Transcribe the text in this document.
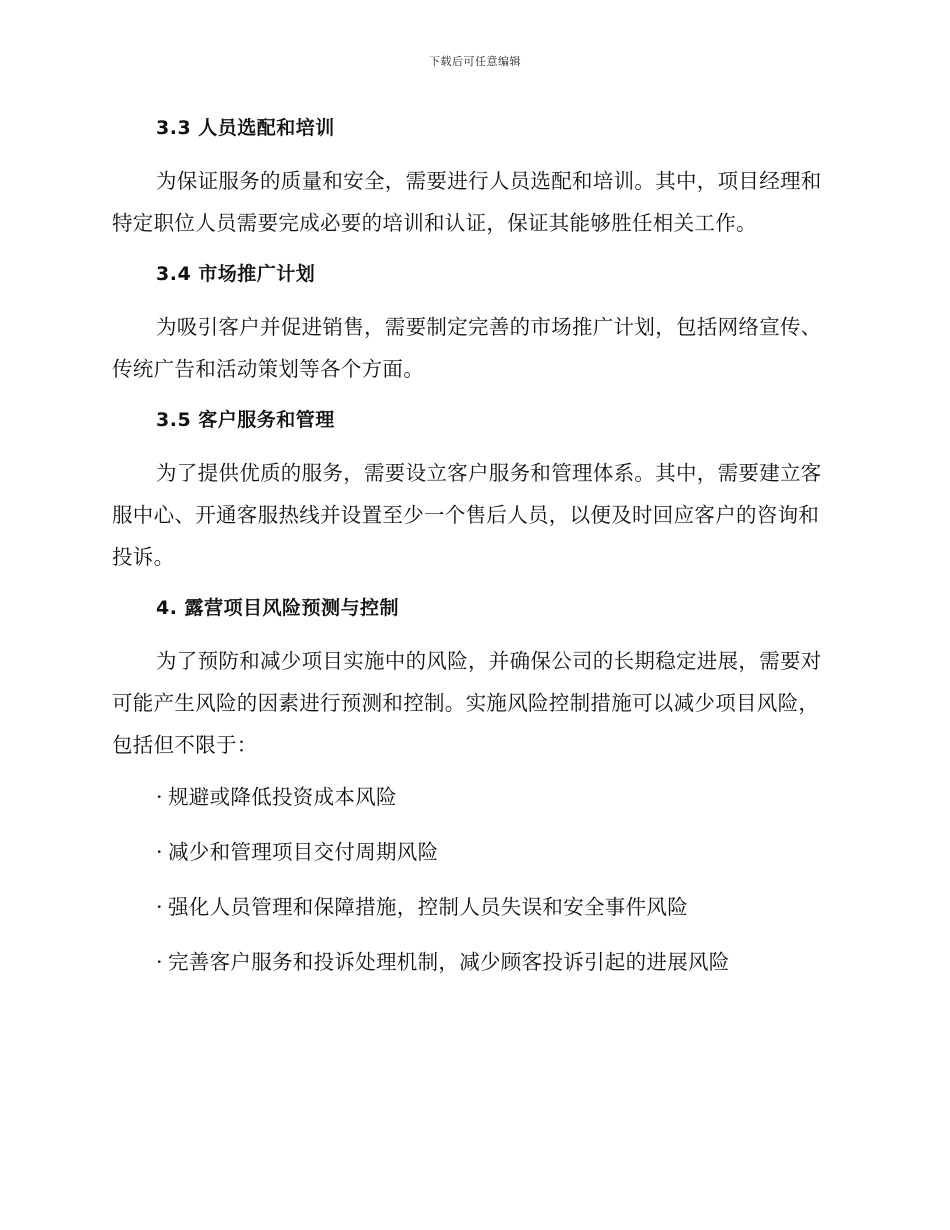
下载后可任意编辑
3.3 人员选配和培训

为保证服务的质量和安全，需要进行人员选配和培训。其中，项目经理和特定职位人员需要完成必要的培训和认证，保证其能够胜任相关工作。

3.4 市场推广计划

为吸引客户并促进销售，需要制定完善的市场推广计划，包括网络宣传、传统广告和活动策划等各个方面。

3.5 客户服务和管理

为了提供优质的服务，需要设立客户服务和管理体系。其中，需要建立客服中心、开通客服热线并设置至少一个售后人员，以便及时回应客户的咨询和投诉。

4. 露营项目风险预测与控制

为了预防和减少项目实施中的风险，并确保公司的长期稳定进展，需要对可能产生风险的因素进行预测和控制。实施风险控制措施可以减少项目风险，包括但不限于：

· 规避或降低投资成本风险
· 减少和管理项目交付周期风险
· 强化人员管理和保障措施，控制人员失误和安全事件风险
· 完善客户服务和投诉处理机制，减少顾客投诉引起的进展风险
